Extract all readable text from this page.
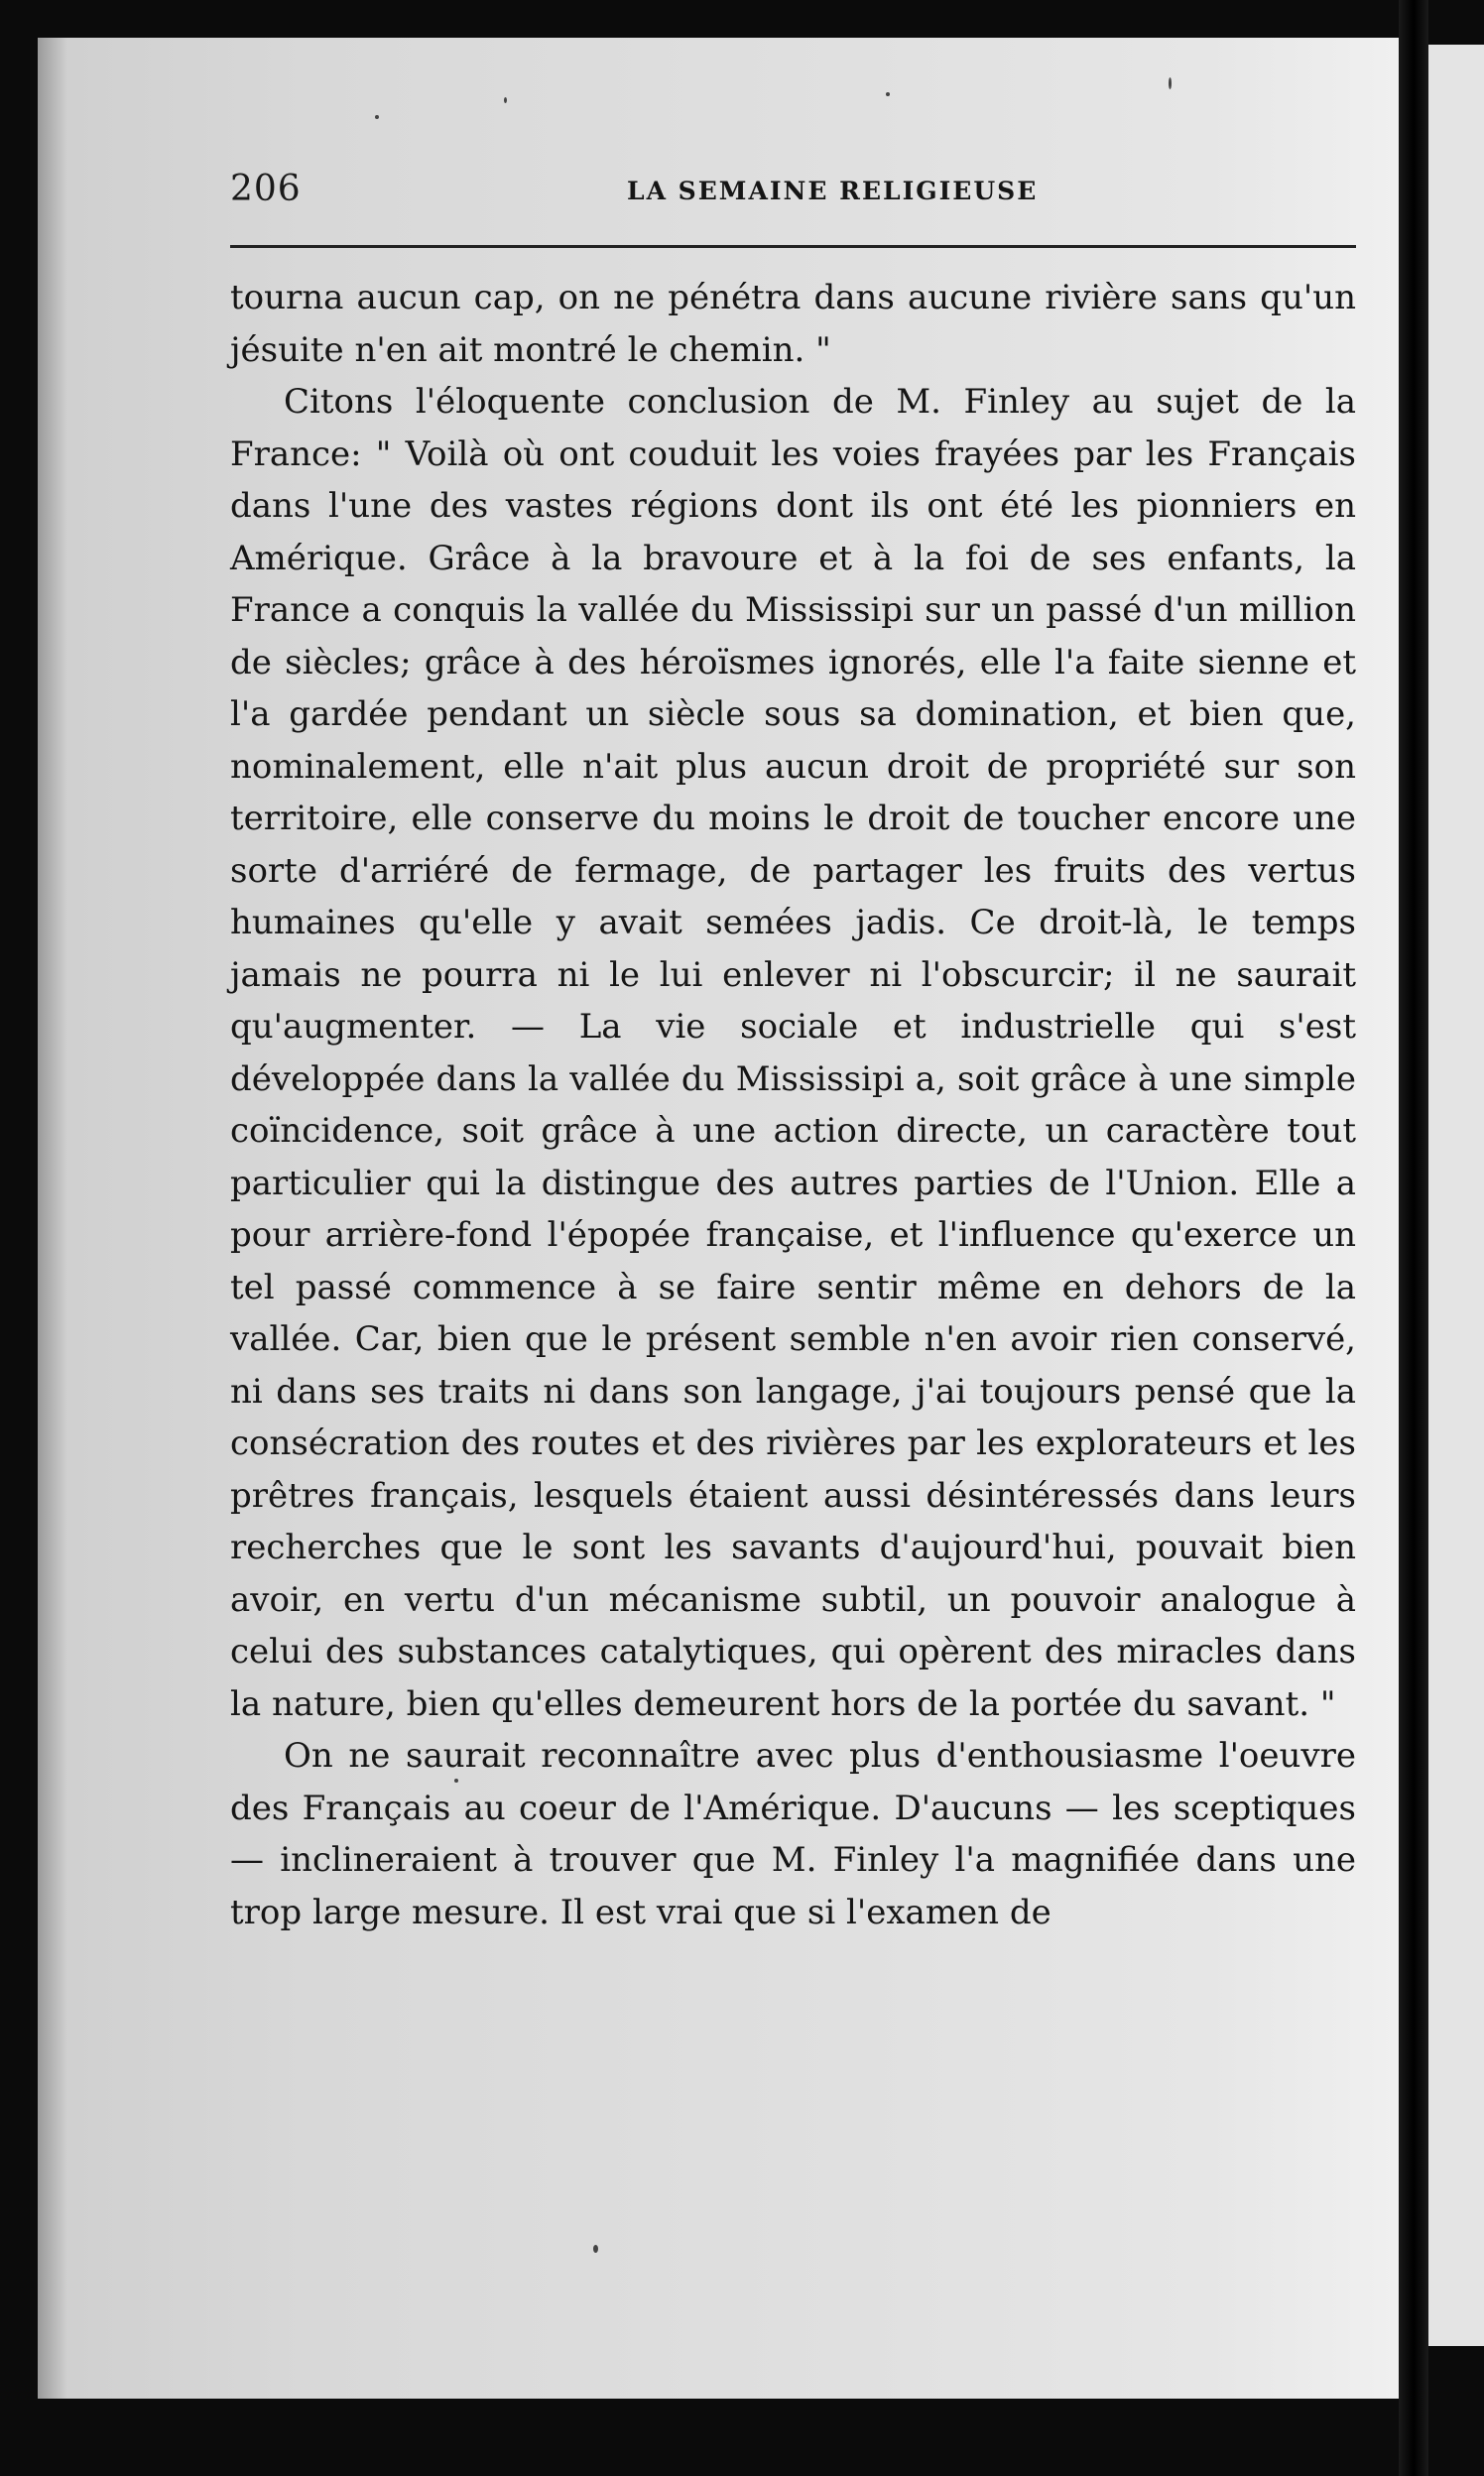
206	LA SEMAINE RELIGIEUSE

tourna aucun cap, on ne pénétra dans aucune rivière sans qu'un jésuite n'en ait montré le chemin. "

Citons l'éloquente conclusion de M. Finley au sujet de la France: " Voilà où ont couduit les voies frayées par les Français dans l'une des vastes régions dont ils ont été les pionniers en Amérique. Grâce à la bravoure et à la foi de ses enfants, la France a conquis la vallée du Mississipi sur un passé d'un million de siècles; grâce à des héroïsmes ignorés, elle l'a faite sienne et l'a gardée pendant un siècle sous sa domination, et bien que, nominalement, elle n'ait plus aucun droit de propriété sur son territoire, elle conserve du moins le droit de toucher encore une sorte d'arriéré de fermage, de partager les fruits des vertus humaines qu'elle y avait semées jadis. Ce droit-là, le temps jamais ne pourra ni le lui enlever ni l'obscurcir; il ne saurait qu'augmenter. — La vie sociale et industrielle qui s'est développée dans la vallée du Mississipi a, soit grâce à une simple coïncidence, soit grâce à une action directe, un caractère tout particulier qui la distingue des autres parties de l'Union. Elle a pour arrière-fond l'épopée française, et l'influence qu'exerce un tel passé commence à se faire sentir même en dehors de la vallée. Car, bien que le présent semble n'en avoir rien conservé, ni dans ses traits ni dans son langage, j'ai toujours pensé que la consécration des routes et des rivières par les explorateurs et les prêtres français, lesquels étaient aussi désintéressés dans leurs recherches que le sont les savants d'aujourd'hui, pouvait bien avoir, en vertu d'un mécanisme subtil, un pouvoir analogue à celui des substances catalytiques, qui opèrent des miracles dans la nature, bien qu'elles demeurent hors de la portée du savant. "

On ne saurait reconnaître avec plus d'enthousiasme l'oeuvre des Français au coeur de l'Amérique. D'aucuns — les sceptiques — inclineraient à trouver que M. Finley l'a magnifiée dans une trop large mesure. Il est vrai que si l'examen de
